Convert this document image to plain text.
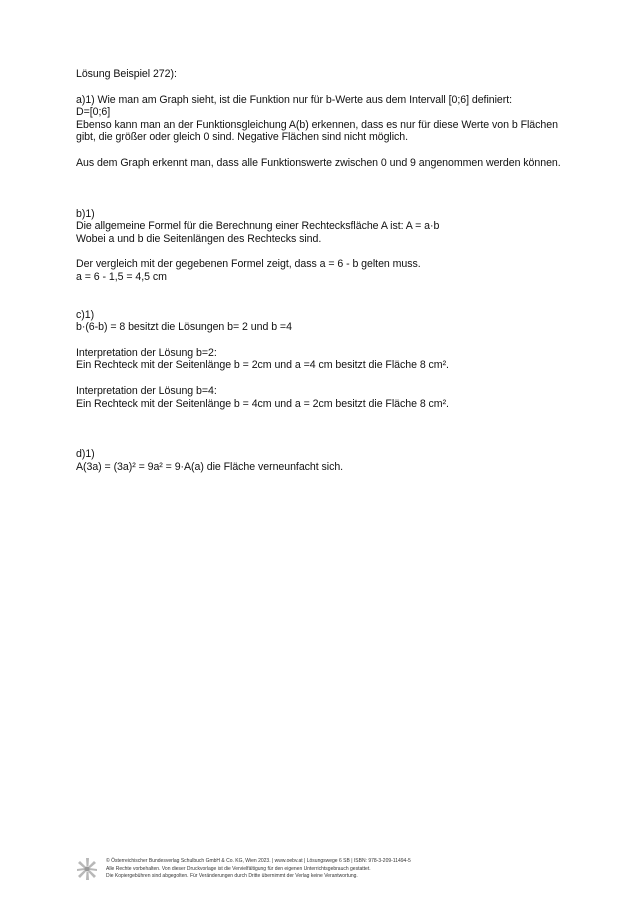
Lösung Beispiel 272):
a)1) Wie man am Graph sieht, ist die Funktion nur für b-Werte aus dem Intervall [0;6] definiert:
D=[0;6]
Ebenso kann man an der Funktionsgleichung A(b) erkennen, dass es nur für diese Werte von b Flächen
gibt, die größer oder gleich 0 sind. Negative Flächen sind nicht möglich.
Aus dem Graph erkennt man, dass alle Funktionswerte zwischen 0 und 9 angenommen werden können.
b)1)
Die allgemeine Formel für die Berechnung einer Rechtecksfläche A ist: A = a·b
Wobei a und b die Seitenlängen des Rechtecks sind.
Der vergleich mit der gegebenen Formel zeigt, dass a = 6 - b gelten muss.
a = 6 - 1,5 = 4,5 cm
c)1)
b·(6-b) = 8 besitzt die Lösungen b= 2 und b =4
Interpretation der Lösung b=2:
Ein Rechteck mit der Seitenlänge b = 2cm und a =4 cm besitzt die Fläche 8 cm².
Interpretation der Lösung b=4:
Ein Rechteck mit der Seitenlänge b = 4cm und a = 2cm besitzt die Fläche 8 cm².
d)1)
A(3a) = (3a)² = 9a² = 9·A(a) die Fläche verneunfacht sich.
© Österreichischer Bundesverlag Schulbuch GmbH & Co. KG, Wien 2023. | www.oebv.at | Lösungswege 6 SB | ISBN: 978-3-209-11494-5
Alle Rechte vorbehalten. Von dieser Druckvorlage ist die Vervielfältigung für den eigenen Unterrichtsgebrauch gestattet.
Die Kopiergebühren sind abgegolten. Für Veränderungen durch Dritte übernimmt der Verlag keine Verantwortung.
